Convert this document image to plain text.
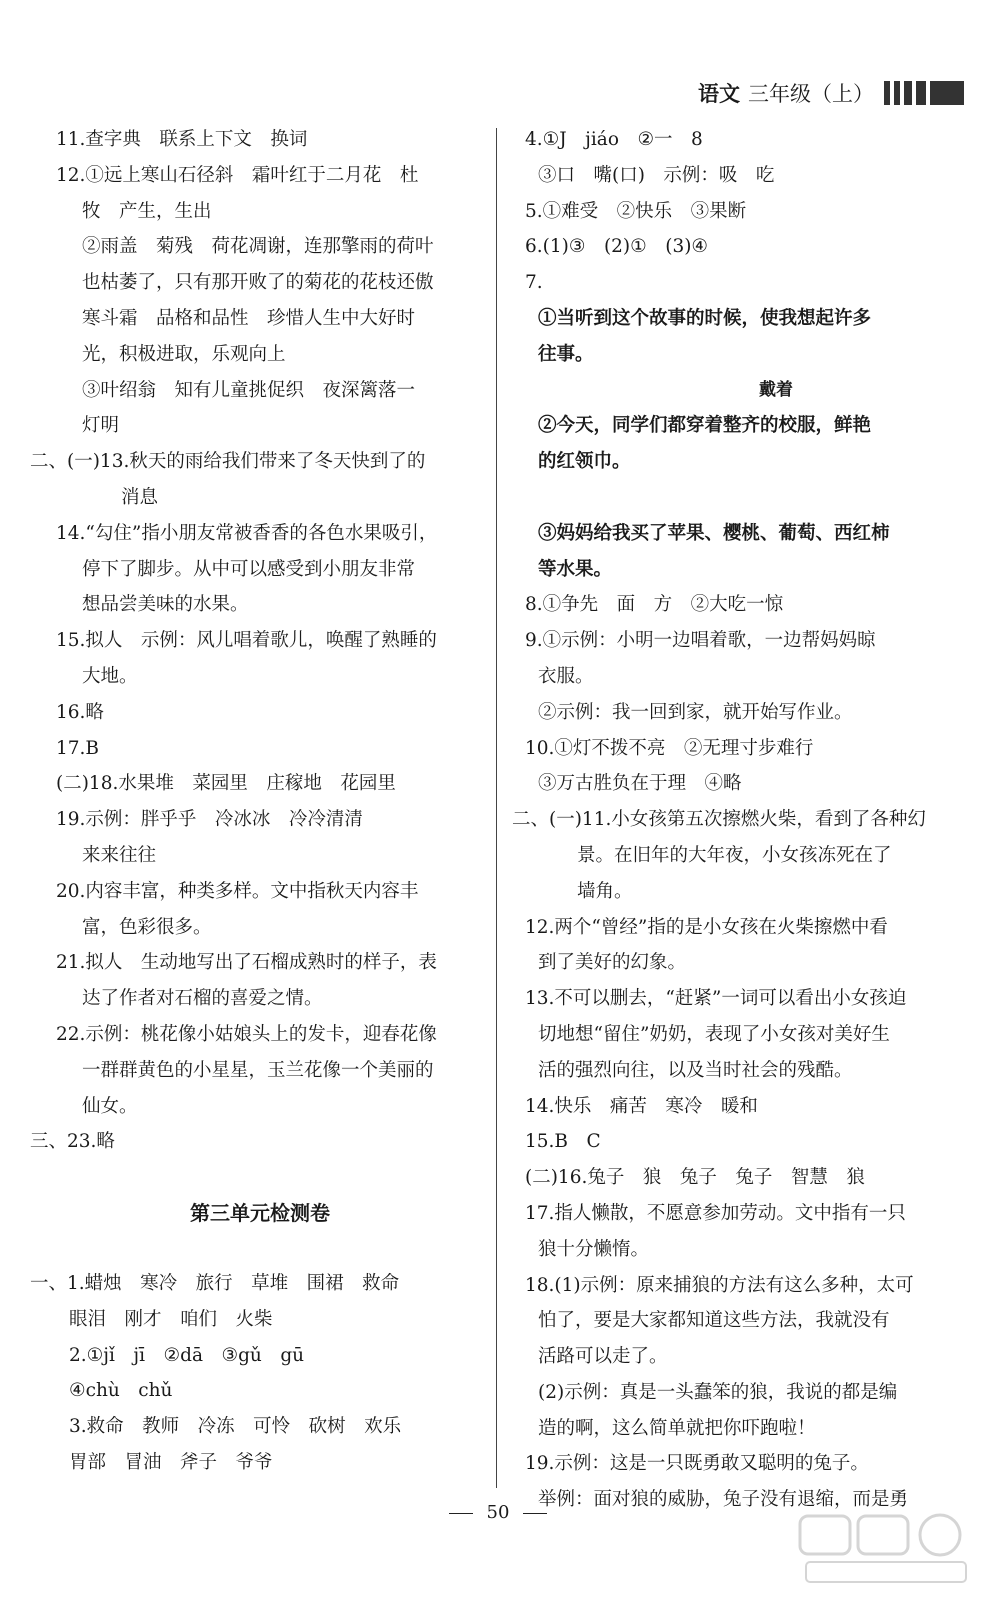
语文 三年级（上）
11.查字典　联系上下文　换词
12.①远上寒山石径斜　霜叶红于二月花　杜
牧　产生，生出
②雨盖　菊残　荷花凋谢，连那擎雨的荷叶
也枯萎了，只有那开败了的菊花的花枝还傲
寒斗霜　品格和品性　珍惜人生中大好时
光，积极进取，乐观向上
③叶绍翁　知有儿童挑促织　夜深篱落一
灯明
二、(一)13.秋天的雨给我们带来了冬天快到了的
消息
14.“勾住”指小朋友常被香香的各色水果吸引，
停下了脚步。从中可以感受到小朋友非常
想品尝美味的水果。
15.拟人　示例：风儿唱着歌儿，唤醒了熟睡的
大地。
16.略
17.B
(二)18.水果堆　菜园里　庄稼地　花园里
19.示例：胖乎乎　冷冰冰　冷冷清清
来来往往
20.内容丰富，种类多样。文中指秋天内容丰
富，色彩很多。
21.拟人　生动地写出了石榴成熟时的样子，表
达了作者对石榴的喜爱之情。
22.示例：桃花像小姑娘头上的发卡，迎春花像
一群群黄色的小星星，玉兰花像一个美丽的
仙女。
三、23.略
第三单元检测卷
一、1.蜡烛　寒冷　旅行　草堆　围裙　救命
眼泪　刚才　咱们　火柴
2.①jǐ　jī　②dā　③gǔ　gū
④chù　chǔ
3.救命　教师　冷冻　可怜　砍树　欢乐
胃部　冒油　斧子　爷爷
4.①J　jiáo　②一　8
③口　嘴(口)　示例：吸　吃
5.①难受　②快乐　③果断
6.(1)③　(2)①　(3)④
7.
①当听到这个故事的时候，使我想起许多
往事。
戴着
②今天，同学们都穿着整齐的校服，鲜艳
的红领巾。
③妈妈给我买了苹果、樱桃、葡萄、西红柿
等水果。
8.①争先　面　方　②大吃一惊
9.①示例：小明一边唱着歌，一边帮妈妈晾
衣服。
②示例：我一回到家，就开始写作业。
10.①灯不拨不亮　②无理寸步难行
③万古胜负在于理　④略
二、(一)11.小女孩第五次擦燃火柴，看到了各种幻
景。在旧年的大年夜，小女孩冻死在了
墙角。
12.两个“曾经”指的是小女孩在火柴擦燃中看
到了美好的幻象。
13.不可以删去，“赶紧”一词可以看出小女孩迫
切地想“留住”奶奶，表现了小女孩对美好生
活的强烈向往，以及当时社会的残酷。
14.快乐　痛苦　寒冷　暖和
15.B　C
(二)16.兔子　狼　兔子　兔子　智慧　狼
17.指人懒散，不愿意参加劳动。文中指有一只
狼十分懒惰。
18.(1)示例：原来捕狼的方法有这么多种，太可
怕了，要是大家都知道这些方法，我就没有
活路可以走了。
(2)示例：真是一头蠢笨的狼，我说的都是编
造的啊，这么简单就把你吓跑啦！
19.示例：这是一只既勇敢又聪明的兔子。
举例：面对狼的威胁，兔子没有退缩，而是勇
50
